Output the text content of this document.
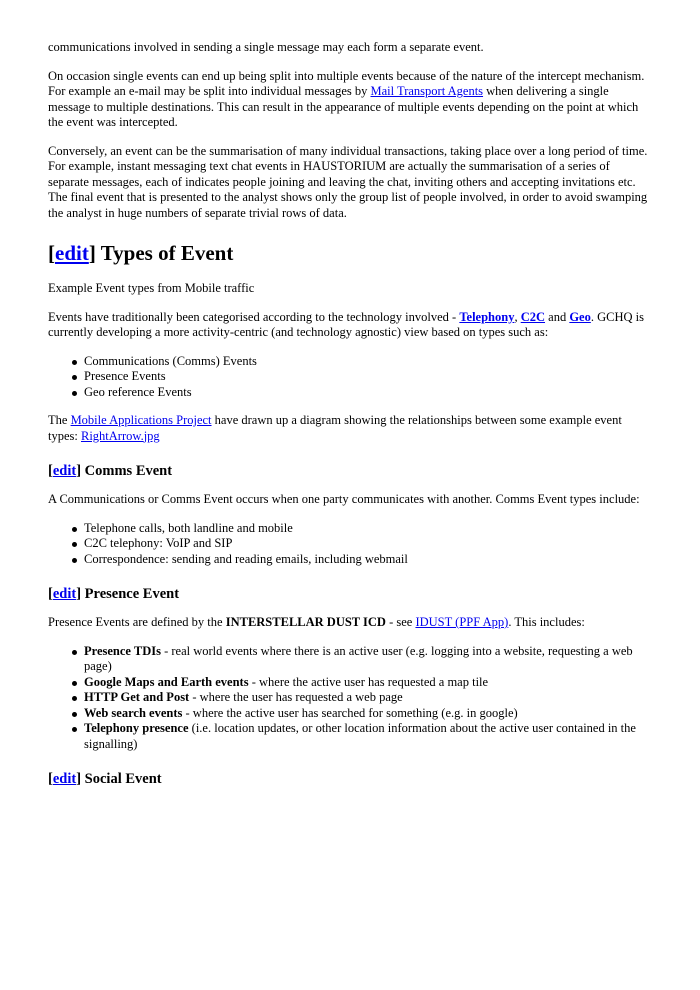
communications involved in sending a single message may each form a separate event.

On occasion single events can end up being split into multiple events because of the nature of the intercept mechanism. For example an e-mail may be split into individual messages by Mail Transport Agents when delivering a single message to multiple destinations. This can result in the appearance of multiple events depending on the point at which the event was intercepted.

Conversely, an event can be the summarisation of many individual transactions, taking place over a long period of time. For example, instant messaging text chat events in HAUSTORIUM are actually the summarisation of a series of separate messages, each of indicates people joining and leaving the chat, inviting others and accepting invitations etc. The final event that is presented to the analyst shows only the group list of people involved, in order to avoid swamping the analyst in huge numbers of separate trivial rows of data.

[edit] Types of Event

Example Event types from Mobile traffic

Events have traditionally been categorised according to the technology involved - Telephony, C2C and Geo. GCHQ is currently developing a more activity-centric (and technology agnostic) view based on types such as:

Communications (Comms) Events
Presence Events
Geo reference Events

The Mobile Applications Project have drawn up a diagram showing the relationships between some example event types: RightArrow.jpg

[edit] Comms Event

A Communications or Comms Event occurs when one party communicates with another. Comms Event types include:

Telephone calls, both landline and mobile
C2C telephony: VoIP and SIP
Correspondence: sending and reading emails, including webmail
[edit] Presence Event

Presence Events are defined by the INTERSTELLAR DUST ICD - see IDUST (PPF App). This includes:

Presence TDIs - real world events where there is an active user (e.g. logging into a website, requesting a web page)
Google Maps and Earth events - where the active user has requested a map tile
HTTP Get and Post - where the user has requested a web page
Web search events - where the active user has searched for something (e.g. in google)
Telephony presence (i.e. location updates, or other location information about the active user contained in the signalling)
[edit] Social Event
